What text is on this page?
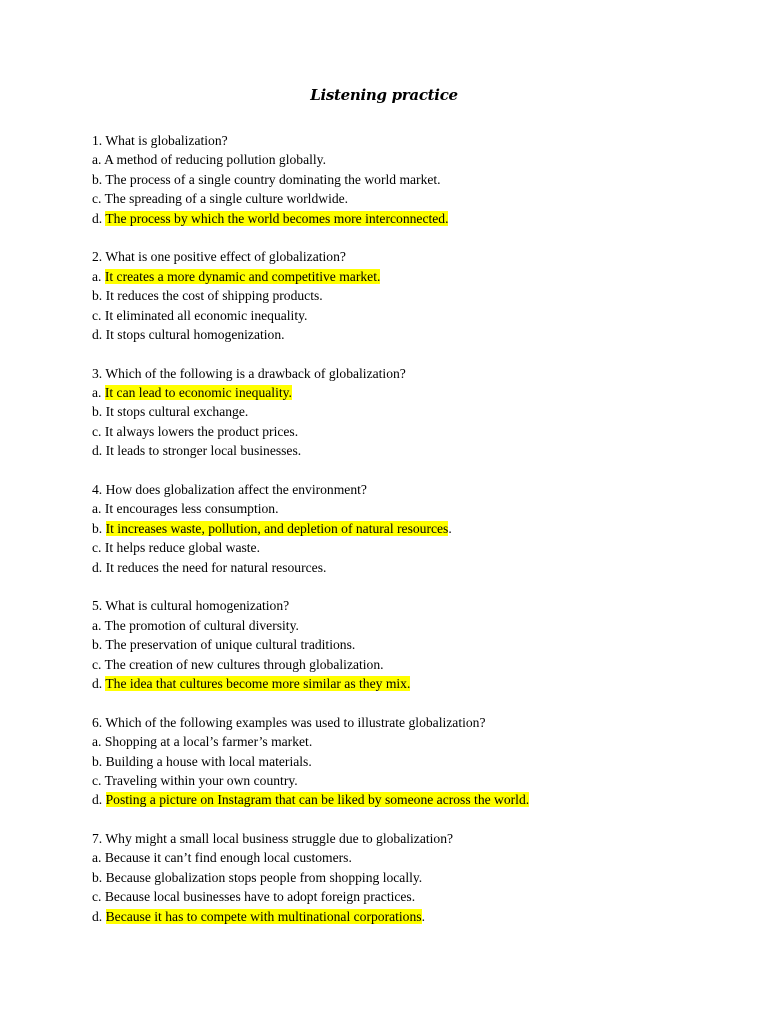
Listening practice
1. What is globalization?
a. A method of reducing pollution globally.
b. The process of a single country dominating the world market.
c. The spreading of a single culture worldwide.
d. The process by which the world becomes more interconnected.
2. What is one positive effect of globalization?
a. It creates a more dynamic and competitive market.
b. It reduces the cost of shipping products.
c. It eliminated all economic inequality.
d. It stops cultural homogenization.
3. Which of the following is a drawback of globalization?
a. It can lead to economic inequality.
b. It stops cultural exchange.
c. It always lowers the product prices.
d. It leads to stronger local businesses.
4. How does globalization affect the environment?
a. It encourages less consumption.
b. It increases waste, pollution, and depletion of natural resources.
c. It helps reduce global waste.
d. It reduces the need for natural resources.
5. What is cultural homogenization?
a. The promotion of cultural diversity.
b. The preservation of unique cultural traditions.
c. The creation of new cultures through globalization.
d. The idea that cultures become more similar as they mix.
6. Which of the following examples was used to illustrate globalization?
a. Shopping at a local’s farmer’s market.
b. Building a house with local materials.
c. Traveling within your own country.
d. Posting a picture on Instagram that can be liked by someone across the world.
7. Why might a small local business struggle due to globalization?
a. Because it can’t find enough local customers.
b. Because globalization stops people from shopping locally.
c. Because local businesses have to adopt foreign practices.
d. Because it has to compete with multinational corporations.
